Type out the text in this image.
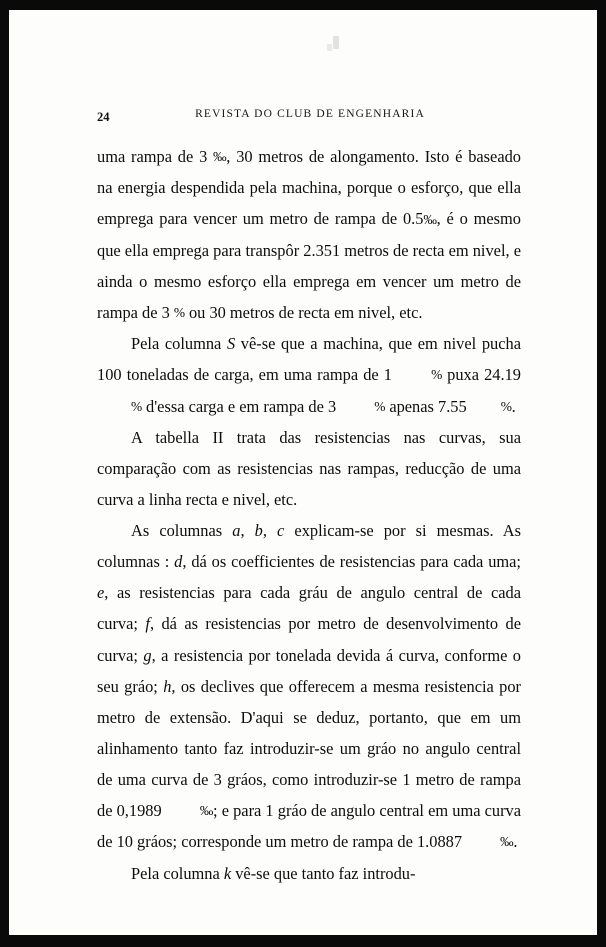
24	REVISTA DO CLUB DE ENGENHARIA

uma rampa de 3 ‰, 30 metros de alongamento. Isto é baseado na energia despendida pela machina, porque o esforço, que ella emprega para vencer um metro de rampa de 0.5‰, é o mesmo que ella emprega para transpôr 2.351 metros de recta em nivel, e ainda o mesmo esforço ella emprega em vencer um metro de rampa de 3 % ou 30 metros de recta em nivel, etc.

Pela columna S vê-se que a machina, que em nivel pucha 100 toneladas de carga, em uma rampa de 1	% puxa 24.19 % d'essa carga e em rampa de 3	% apenas 7.55	%.

A tabella II trata das resistencias nas curvas, sua comparação com as resistencias nas rampas, reducção de uma curva a linha recta e nivel, etc.

As columnas a, b, c explicam-se por si mesmas. As columnas : d, dá os coefficientes de resistencias para cada uma; e, as resistencias para cada gráu de angulo central de cada curva; f, dá as resistencias por metro de desenvolvimento de curva; g, a resistencia por tonelada devida á curva, conforme o seu gráo; h, os declives que offerecem a mesma resistencia por metro de extensão. D'aqui se deduz, portanto, que em um alinhamento tanto faz introduzir-se um gráo no angulo central de uma curva de 3 gráos, como introduzir-se 1 metro de rampa de 0,1989	‰; e para 1 gráo de angulo central em uma curva de 10 gráos; corresponde um metro de rampa de 1.0887	‰.

Pela columna k vê-se que tanto faz introdu-
